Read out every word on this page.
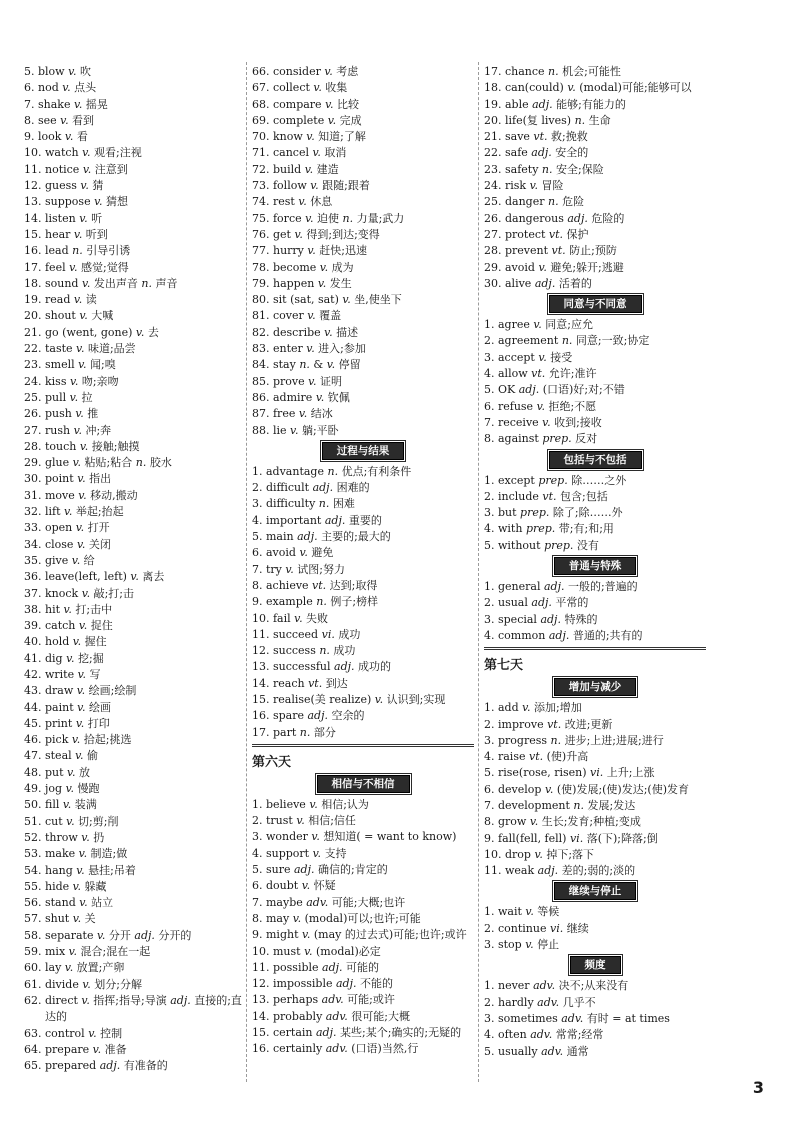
5. blow v. 吹
6. nod v. 点头
7. shake v. 摇晃
8. see v. 看到
9. look v. 看
10. watch v. 观看;注视
11. notice v. 注意到
12. guess v. 猜
13. suppose v. 猜想
14. listen v. 听
15. hear v. 听到
16. lead n. 引导引诱
17. feel v. 感觉;觉得
18. sound v. 发出声音 n. 声音
19. read v. 读
20. shout v. 大喊
21. go (went, gone) v. 去
22. taste v. 味道;品尝
23. smell v. 闻;嗅
24. kiss v. 吻;亲吻
25. pull v. 拉
26. push v. 推
27. rush v. 冲;奔
28. touch v. 接触;触摸
29. glue v. 粘贴;粘合 n. 胶水
30. point v. 指出
31. move v. 移动,搬动
32. lift v. 举起;抬起
33. open v. 打开
34. close v. 关闭
35. give v. 给
36. leave(left, left) v. 离去
37. knock v. 敲;打;击
38. hit v. 打;击中
39. catch v. 捉住
40. hold v. 握住
41. dig v. 挖;掘
42. write v. 写
43. draw v. 绘画;绘制
44. paint v. 绘画
45. print v. 打印
46. pick v. 拾起;挑选
47. steal v. 偷
48. put v. 放
49. jog v. 慢跑
50. fill v. 装满
51. cut v. 切;剪;削
52. throw v. 扔
53. make v. 制造;做
54. hang v. 悬挂;吊着
55. hide v. 躲藏
56. stand v. 站立
57. shut v. 关
58. separate v. 分开 adj. 分开的
59. mix v. 混合;混在一起
60. lay v. 放置;产卵
61. divide v. 划分;分解
62. direct v. 指挥;指导;导演 adj. 直接的;直达的
63. control v. 控制
64. prepare v. 准备
65. prepared adj. 有准备的
66. consider v. 考虑
67. collect v. 收集
68. compare v. 比较
69. complete v. 完成
70. know v. 知道;了解
71. cancel v. 取消
72. build v. 建造
73. follow v. 跟随;跟着
74. rest v. 休息
75. force v. 迫使 n. 力量;武力
76. get v. 得到;到达;变得
77. hurry v. 赶快;迅速
78. become v. 成为
79. happen v. 发生
80. sit (sat, sat) v. 坐,使坐下
81. cover v. 覆盖
82. describe v. 描述
83. enter v. 进入;参加
84. stay n. & v. 停留
85. prove v. 证明
86. admire v. 钦佩
87. free v. 结冰
88. lie v. 躺;平卧
过程与结果
1. advantage n. 优点;有利条件
2. difficult adj. 困难的
3. difficulty n. 困难
4. important adj. 重要的
5. main adj. 主要的;最大的
6. avoid v. 避免
7. try v. 试图;努力
8. achieve vt. 达到;取得
9. example n. 例子;榜样
10. fail v. 失败
11. succeed vi. 成功
12. success n. 成功
13. successful adj. 成功的
14. reach vt. 到达
15. realise(美 realize) v. 认识到;实现
16. spare adj. 空余的
17. part n. 部分
第六天
相信与不相信
1. believe v. 相信;认为
2. trust v. 相信;信任
3. wonder v. 想知道( = want to know)
4. support v. 支持
5. sure adj. 确信的;肯定的
6. doubt v. 怀疑
7. maybe adv. 可能;大概;也许
8. may v. (modal)可以;也许;可能
9. might v. (may 的过去式)可能;也许;或许
10. must v. (modal)必定
11. possible adj. 可能的
12. impossible adj. 不能的
13. perhaps adv. 可能;或许
14. probably adv. 很可能;大概
15. certain adj. 某些;某个;确实的;无疑的
16. certainly adv. (口语)当然,行
17. chance n. 机会;可能性
18. can(could) v. (modal)可能;能够可以
19. able adj. 能够;有能力的
20. life(复 lives) n. 生命
21. save vt. 救;挽救
22. safe adj. 安全的
23. safety n. 安全;保险
24. risk v. 冒险
25. danger n. 危险
26. dangerous adj. 危险的
27. protect vt. 保护
28. prevent vt. 防止;预防
29. avoid v. 避免;躲开;逃避
30. alive adj. 活着的
同意与不同意
1. agree v. 同意;应允
2. agreement n. 同意;一致;协定
3. accept v. 接受
4. allow vt. 允许;准许
5. OK adj. (口语)好;对;不错
6. refuse v. 拒绝;不愿
7. receive v. 收到;接收
8. against prep. 反对
包括与不包括
1. except prep. 除……之外
2. include vt. 包含;包括
3. but prep. 除了;除……外
4. with prep. 带;有;和;用
5. without prep. 没有
普通与特殊
1. general adj. 一般的;普遍的
2. usual adj. 平常的
3. special adj. 特殊的
4. common adj. 普通的;共有的
第七天
增加与减少
1. add v. 添加;增加
2. improve vt. 改进;更新
3. progress n. 进步;上进;进展;进行
4. raise vt. (使)升高
5. rise(rose, risen) vi. 上升;上涨
6. develop v. (使)发展;(使)发达;(使)发育
7. development n. 发展;发达
8. grow v. 生长;发育;种植;变成
9. fall(fell, fell) vi. 落(下);降落;倒
10. drop v. 掉下;落下
11. weak adj. 差的;弱的;淡的
继续与停止
1. wait v. 等候
2. continue vi. 继续
3. stop v. 停止
频度
1. never adv. 决不;从来没有
2. hardly adv. 几乎不
3. sometimes adv. 有时 = at times
4. often adv. 常常;经常
5. usually adv. 通常
3
